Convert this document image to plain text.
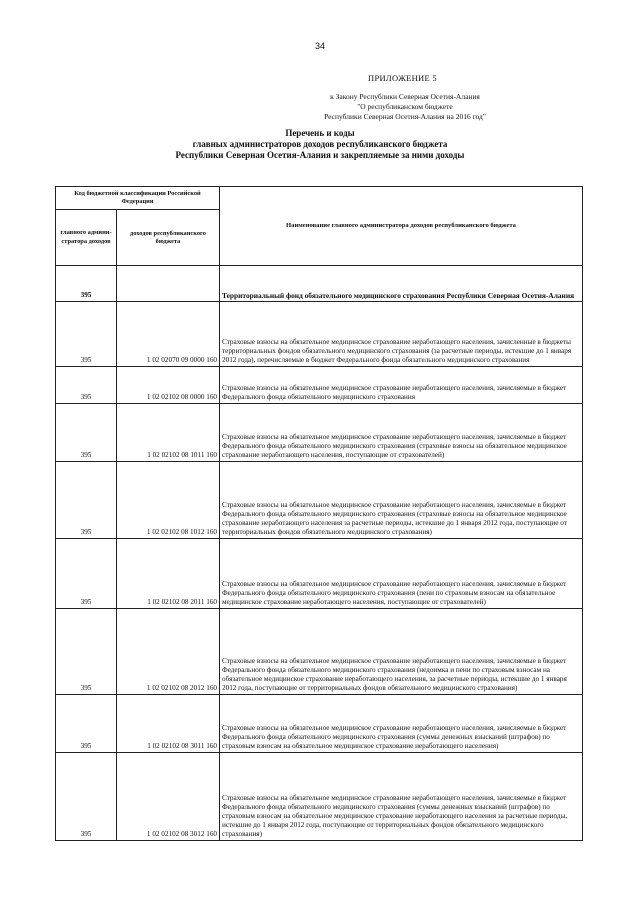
34
ПРИЛОЖЕНИЕ 5
к Закону Республики Северная Осетия-Алания
"О республиканском бюджете
Республики Северная Осетия-Алания на 2016 год"
Перечень и коды
главных администраторов доходов республиканского бюджета
Республики Северная Осетия-Алания и закрепляемые за ними доходы
Код бюджетной классификации Российской Федерации		Наименование главного администратора доходов республиканского бюджета
главного админи-стратора доходов	доходов республиканского бюджета	
395		Территориальный фонд обязательного медицинского страхования Республики Северная Осетия-Алания
395	1 02 02070 09 0000 160	Страховые взносы на обязательное медицинское страхование неработающего населения, зачисленные в бюджеты территориальных фондов обязательного медицинского страхования (за расчетные периоды, истекшие до 1 января 2012 года), перечисляемые в бюджет Федерального фонда обязательного медицинского страхования
395	1 02 02102 08 0000 160	Страховые взносы на обязательное медицинское страхование неработающего населения, зачисляемые в бюджет Федерального фонда обязательного медицинского страхования
395	1 02 02102 08 1011 160	Страховые взносы на обязательное медицинское страхование неработающего населения, зачисляемые в бюджет Федерального фонда обязательного медицинского страхования (страховые взносы на обязательное медицинское страхование неработающего населения, поступающие от страхователей)
395	1 02 02102 08 1012 160	Страховые взносы на обязательное медицинское страхование неработающего населения, зачисляемые в бюджет Федерального фонда обязательного медицинского страхования (страховые взносы на обязательное медицинское страхование неработающего населения за расчетные периоды, истекшие до 1 января 2012 года, поступающие от территориальных фондов обязательного медицинского страхования)
395	1 02 02102 08 2011 160	Страховые взносы на обязательное медицинское страхование неработающего населения, зачисляемые в бюджет Федерального фонда обязательного медицинского страхования (пени по страховым взносам на обязательное медицинское страхование неработающего населения, поступающие от страхователей)
395	1 02 02102 08 2012 160	Страховые взносы на обязательное медицинское страхование неработающего населения, зачисляемые в бюджет Федерального фонда обязательного медицинского страхования (недоимка и пени по страховым взносам на обязательное медицинское страхование неработающего населения, за расчетные периоды, истекшие до 1 января 2012 года, поступающие от территориальных фондов обязательного медицинского страхования)
395	1 02 02102 08 3011 160	Страховые взносы на обязательное медицинское страхование неработающего населения, зачисляемые в бюджет Федерального фонда обязательного медицинского страхования (суммы денежных взысканий (штрафов) по страховым взносам на обязательное медицинское страхование неработающего населения)
395	1 02 02102 08 3012 160	Страховые взносы на обязательное медицинское страхование неработающего населения, зачисляемые в бюджет Федерального фонда обязательного медицинского страхования (суммы денежных взысканий (штрафов) по страховым взносам на обязательное медицинское страхование неработающего населения за расчетные периоды, истекшие до 1 января 2012 года, поступающие от территориальных фондов обязательного медицинского страхования)
